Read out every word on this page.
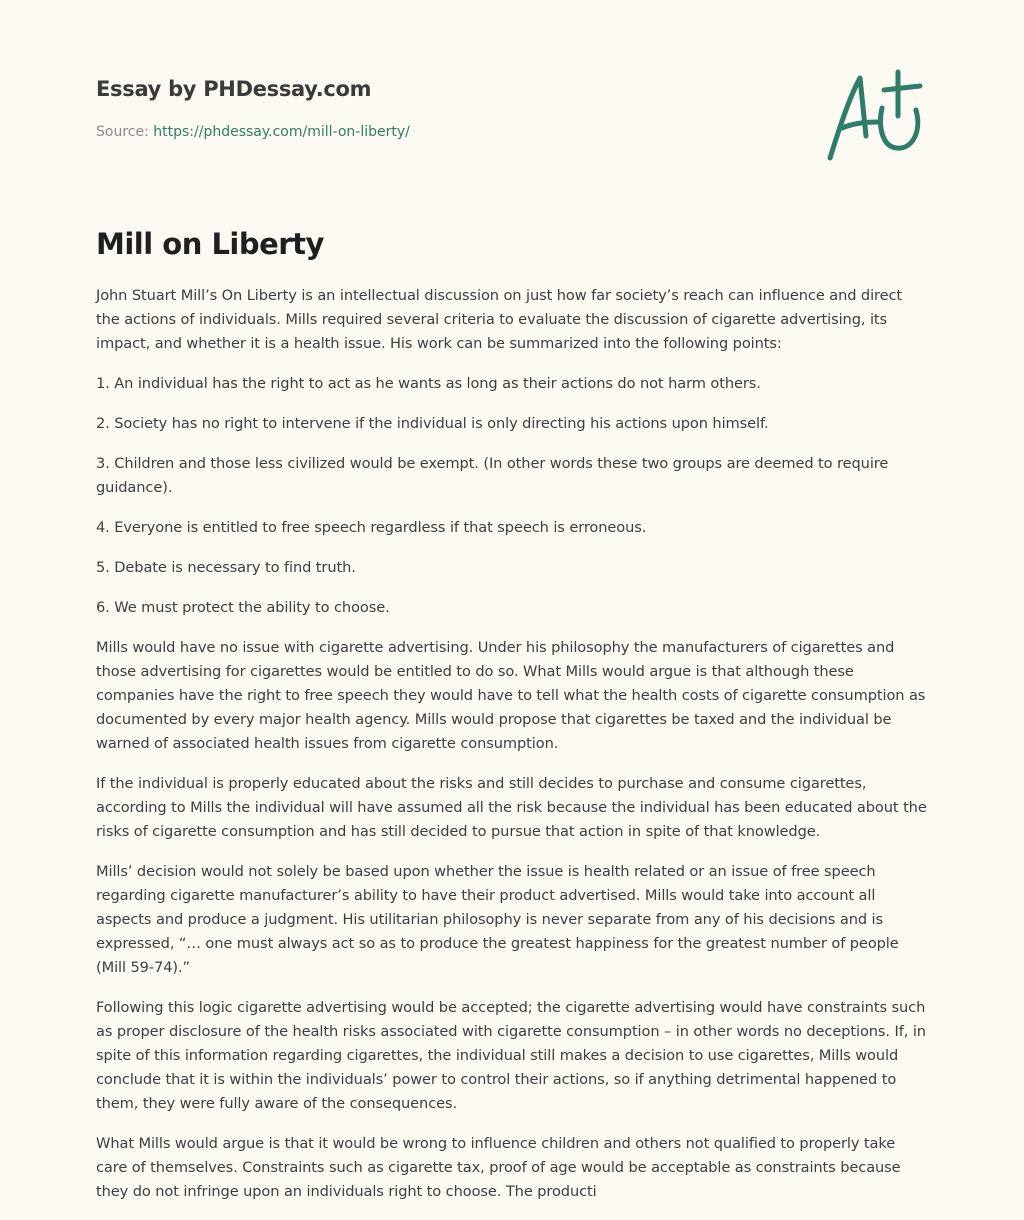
Essay by PHDessay.com
Source: https://phdessay.com/mill-on-liberty/
Mill on Liberty

John Stuart Mill’s On Liberty is an intellectual discussion on just how far society’s reach can influence and direct the actions of individuals. Mills required several criteria to evaluate the discussion of cigarette advertising, its impact, and whether it is a health issue. His work can be summarized into the following points:

1. An individual has the right to act as he wants as long as their actions do not harm others.

2. Society has no right to intervene if the individual is only directing his actions upon himself.

3. Children and those less civilized would be exempt. (In other words these two groups are deemed to require guidance).

4. Everyone is entitled to free speech regardless if that speech is erroneous.

5. Debate is necessary to find truth.

6. We must protect the ability to choose.

Mills would have no issue with cigarette advertising. Under his philosophy the manufacturers of cigarettes and those advertising for cigarettes would be entitled to do so. What Mills would argue is that although these companies have the right to free speech they would have to tell what the health costs of cigarette consumption as documented by every major health agency. Mills would propose that cigarettes be taxed and the individual be warned of associated health issues from cigarette consumption.

If the individual is properly educated about the risks and still decides to purchase and consume cigarettes, according to Mills the individual will have assumed all the risk because the individual has been educated about the risks of cigarette consumption and has still decided to pursue that action in spite of that knowledge.

Mills’ decision would not solely be based upon whether the issue is health related or an issue of free speech regarding cigarette manufacturer’s ability to have their product advertised. Mills would take into account all aspects and produce a judgment. His utilitarian philosophy is never separate from any of his decisions and is expressed, “… one must always act so as to produce the greatest happiness for the greatest number of people (Mill 59-74).”

Following this logic cigarette advertising would be accepted; the cigarette advertising would have constraints such as proper disclosure of the health risks associated with cigarette consumption – in other words no deceptions. If, in spite of this information regarding cigarettes, the individual still makes a decision to use cigarettes, Mills would conclude that it is within the individuals’ power to control their actions, so if anything detrimental happened to them, they were fully aware of the consequences.

What Mills would argue is that it would be wrong to influence children and others not qualified to properly take care of themselves. Constraints such as cigarette tax, proof of age would be acceptable as constraints because they do not infringe upon an individuals right to choose. The producti
